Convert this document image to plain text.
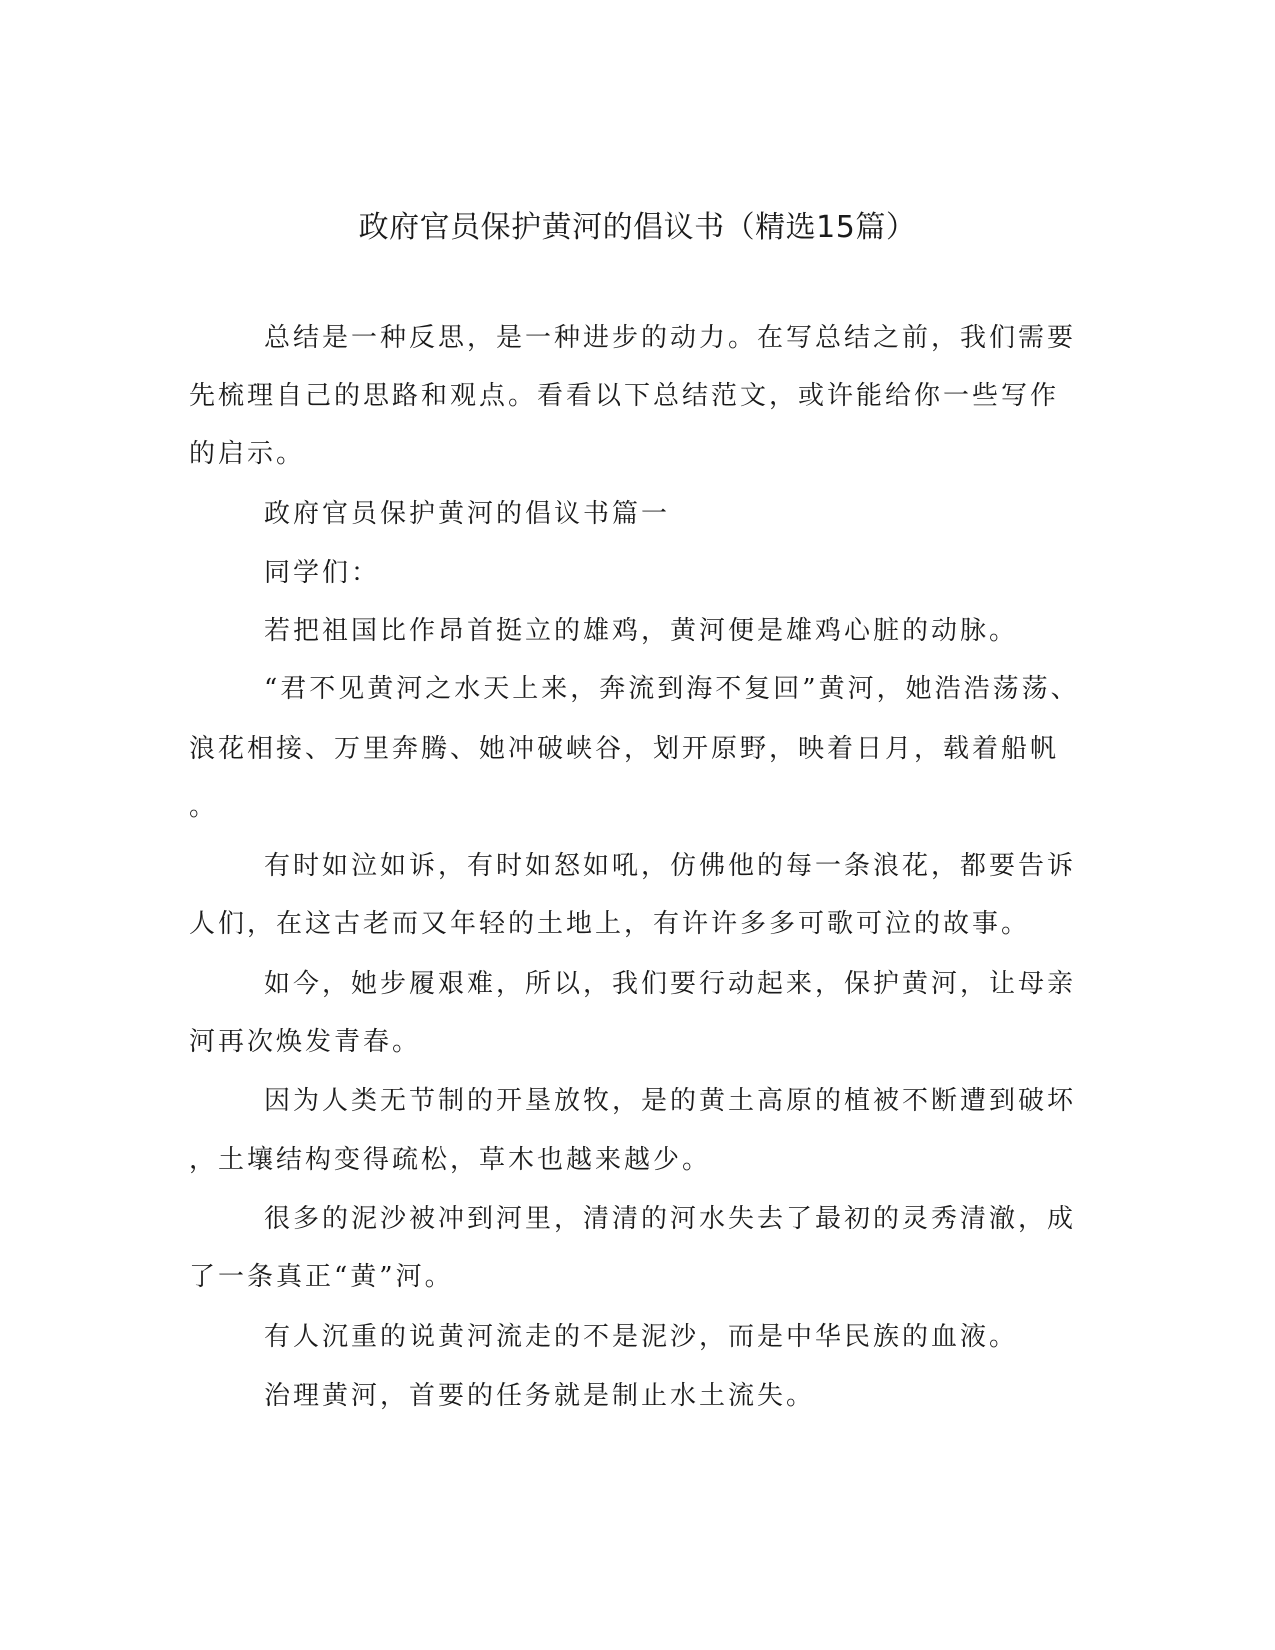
政府官员保护黄河的倡议书（精选15篇）

总结是一种反思，是一种进步的动力。在写总结之前，我们需要

先梳理自己的思路和观点。看看以下总结范文，或许能给你一些写作

的启示。

政府官员保护黄河的倡议书篇一

同学们：

若把祖国比作昂首挺立的雄鸡，黄河便是雄鸡心脏的动脉。

“君不见黄河之水天上来，奔流到海不复回”黄河，她浩浩荡荡、

浪花相接、万里奔腾、她冲破峡谷，划开原野，映着日月，载着船帆

。

有时如泣如诉，有时如怒如吼，仿佛他的每一条浪花，都要告诉

人们，在这古老而又年轻的土地上，有许许多多可歌可泣的故事。

如今，她步履艰难，所以，我们要行动起来，保护黄河，让母亲

河再次焕发青春。

因为人类无节制的开垦放牧，是的黄土高原的植被不断遭到破坏

，土壤结构变得疏松，草木也越来越少。

很多的泥沙被冲到河里，清清的河水失去了最初的灵秀清澈，成

了一条真正“黄”河。

有人沉重的说黄河流走的不是泥沙，而是中华民族的血液。

治理黄河，首要的任务就是制止水土流失。
